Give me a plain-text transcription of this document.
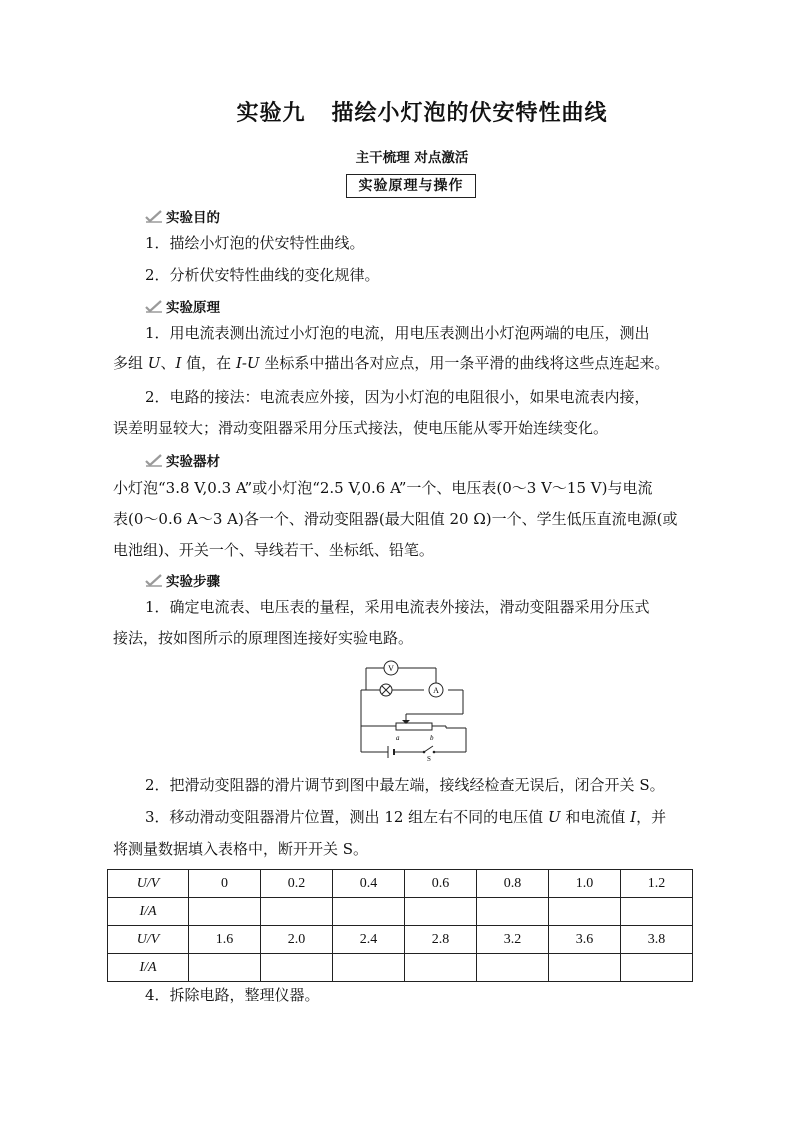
实验九 描绘小灯泡的伏安特性曲线
主干梳理 对点激活
实验原理与操作
实验目的
1．描绘小灯泡的伏安特性曲线。
2．分析伏安特性曲线的变化规律。
实验原理
1．用电流表测出流过小灯泡的电流，用电压表测出小灯泡两端的电压，测出
多组 U、I 值，在 I-U 坐标系中描出各对应点，用一条平滑的曲线将这些点连起来。
2．电路的接法：电流表应外接，因为小灯泡的电阻很小，如果电流表内接，
误差明显较大；滑动变阻器采用分压式接法，使电压能从零开始连续变化。
实验器材
小灯泡“3.8 V,0.3 A”或小灯泡“2.5 V,0.6 A”一个、电压表(0～3 V～15 V)与电流
表(0～0.6 A～3 A)各一个、滑动变阻器(最大阻值 20 Ω)一个、学生低压直流电源(或
电池组)、开关一个、导线若干、坐标纸、铅笔。
实验步骤
1．确定电流表、电压表的量程，采用电流表外接法，滑动变阻器采用分压式
接法，按如图所示的原理图连接好实验电路。
V
A
a	b
S
2．把滑动变阻器的滑片调节到图中最左端，接线经检查无误后，闭合开关 S。
3．移动滑动变阻器滑片位置，测出 12 组左右不同的电压值 U 和电流值 I，并
将测量数据填入表格中，断开开关 S。
U/V	0	0.2	0.4	0.6	0.8	1.0	1.2
I/A							
U/V	1.6	2.0	2.4	2.8	3.2	3.6	3.8
I/A							
4．拆除电路，整理仪器。
